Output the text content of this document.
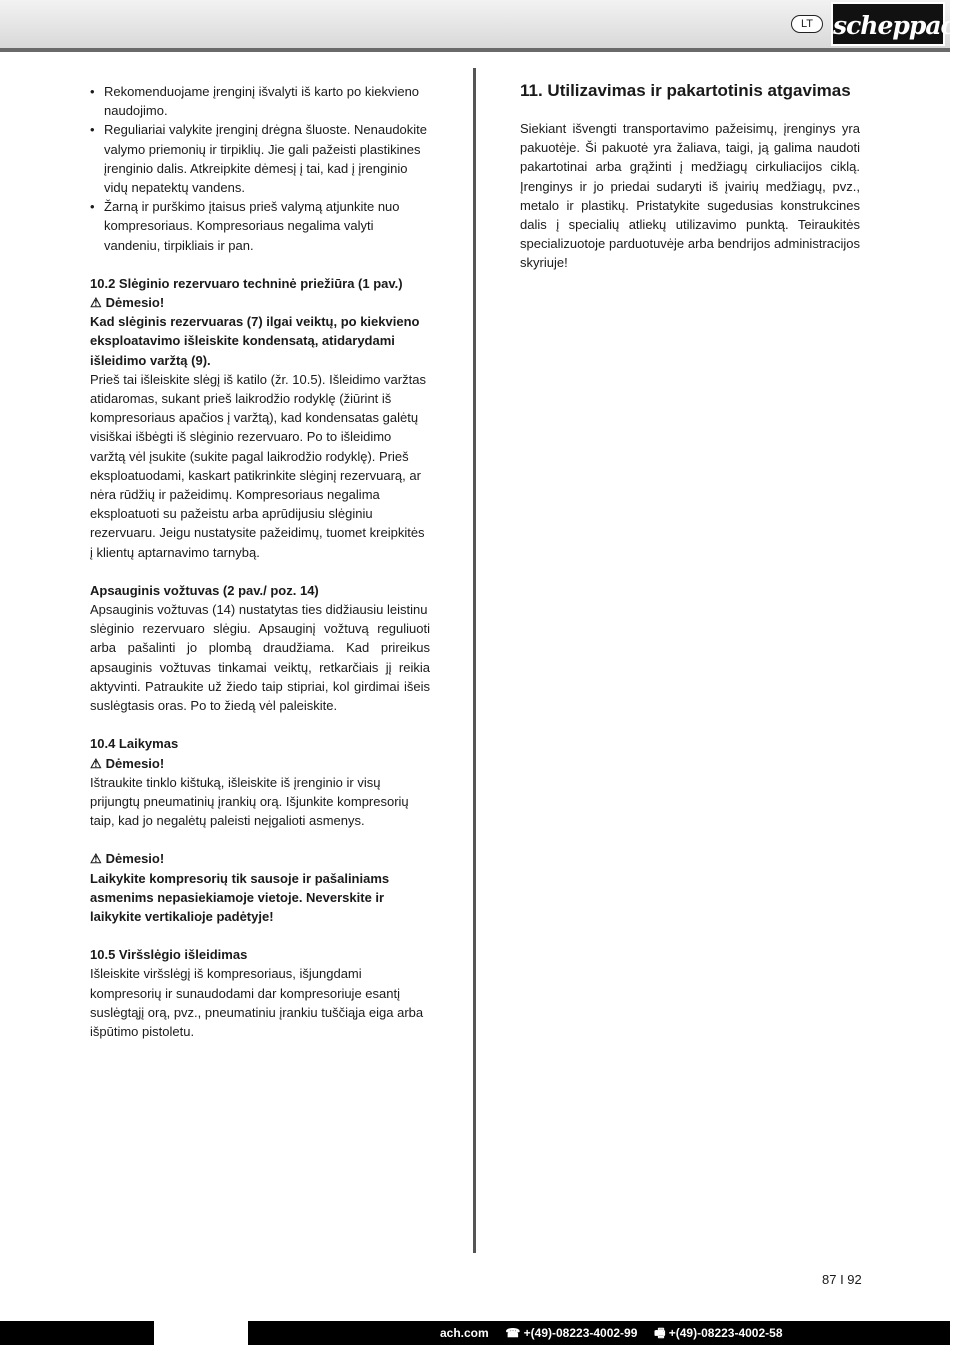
LT scheppach
• Rekomenduojame įrenginį išvalyti iš karto po kiekvieno naudojimo.
• Reguliariai valykite įrenginį drėgna šluoste. Nenaudokite valymo priemonių ir tirpiklių. Jie gali pažeisti plastikines įrenginio dalis. Atkreipkite dėmesį į tai, kad į įrenginio vidų nepatektų vandens.
• Žarną ir purškimo įtaisus prieš valymą atjunkite nuo kompresoriaus. Kompresoriaus negalima valyti vandeniu, tirpikliais ir pan.

10.2 Slėginio rezervuaro techninė priežiūra (1 pav.)

⚠ Dėmesio!

Kad slėginis rezervuaras (7) ilgai veiktų, po kiekvieno eksploatavimo išleiskite kondensatą, atidarydami išleidimo varžtą (9).

Prieš tai išleiskite slėgį iš katilo (žr. 10.5). Išleidimo varžtas atidaromas, sukant prieš laikrodžio rodyklę (žiūrint iš kompresoriaus apačios į varžtą), kad kondensatas galėtų visiškai išbėgti iš slėginio rezervuaro. Po to išleidimo varžtą vėl įsukite (sukite pagal laikrodžio rodyklę). Prieš eksploatuodami, kaskart patikrinkite slėginį rezervuarą, ar nėra rūdžių ir pažeidimų. Kompresoriaus negalima eksploatuoti su pažeistu arba aprūdijusiu slėginiu rezervuaru. Jeigu nustatysite pažeidimų, tuomet kreipkitės į klientų aptarnavimo tarnybą.

Apsauginis vožtuvas (2 pav./ poz. 14)

Apsauginis vožtuvas (14) nustatytas ties didžiausiu leistinu

slėginio rezervuaro slėgiu. Apsauginį vožtuvą reguliuoti arba pašalinti jo plombą draudžiama. Kad prireikus apsauginis vožtuvas tinkamai veiktų, retkarčiais jį reikia aktyvinti. Patraukite už žiedo taip stipriai, kol girdimai išeis suslėgtasis oras. Po to žiedą vėl paleiskite.

10.4 Laikymas

⚠ Dėmesio!

Ištraukite tinklo kištuką, išleiskite iš įrenginio ir visų prijungtų pneumatinių įrankių orą. Išjunkite kompresorių taip, kad jo negalėtų paleisti neįgalioti asmenys.

⚠ Dėmesio!

Laikykite kompresorių tik sausoje ir pašaliniams asmenims nepasiekiamoje vietoje. Neverskite ir laikykite vertikalioje padėtyje!

10.5 Viršslėgio išleidimas

Išleiskite viršslėgį iš kompresoriaus, išjungdami kompresorių ir sunaudodami dar kompresoriuje esantį suslėgtąjį orą, pvz., pneumatiniu įrankiu tuščiąja eiga arba išpūtimo pistoletu.

11. Utilizavimas ir pakartotinis atgavimas

Siekiant išvengti transportavimo pažeisimų, įrenginys yra pakuotėje. Ši pakuotė yra žaliava, taigi, ją galima naudoti pakartotinai arba grąžinti į medžiagų cirkuliacijos ciklą. Įrenginys ir jo priedai sudaryti iš įvairių medžiagų, pvz., metalo ir plastikų. Pristatykite sugedusias konstrukcines dalis į specialių atliekų utilizavimo punktą. Teiraukitės specializuotoje parduotuvėje arba bendrijos administracijos skyriuje!

87 I 92
ach.com ☎ +(49)-08223-4002-99 🖷 +(49)-08223-4002-58
